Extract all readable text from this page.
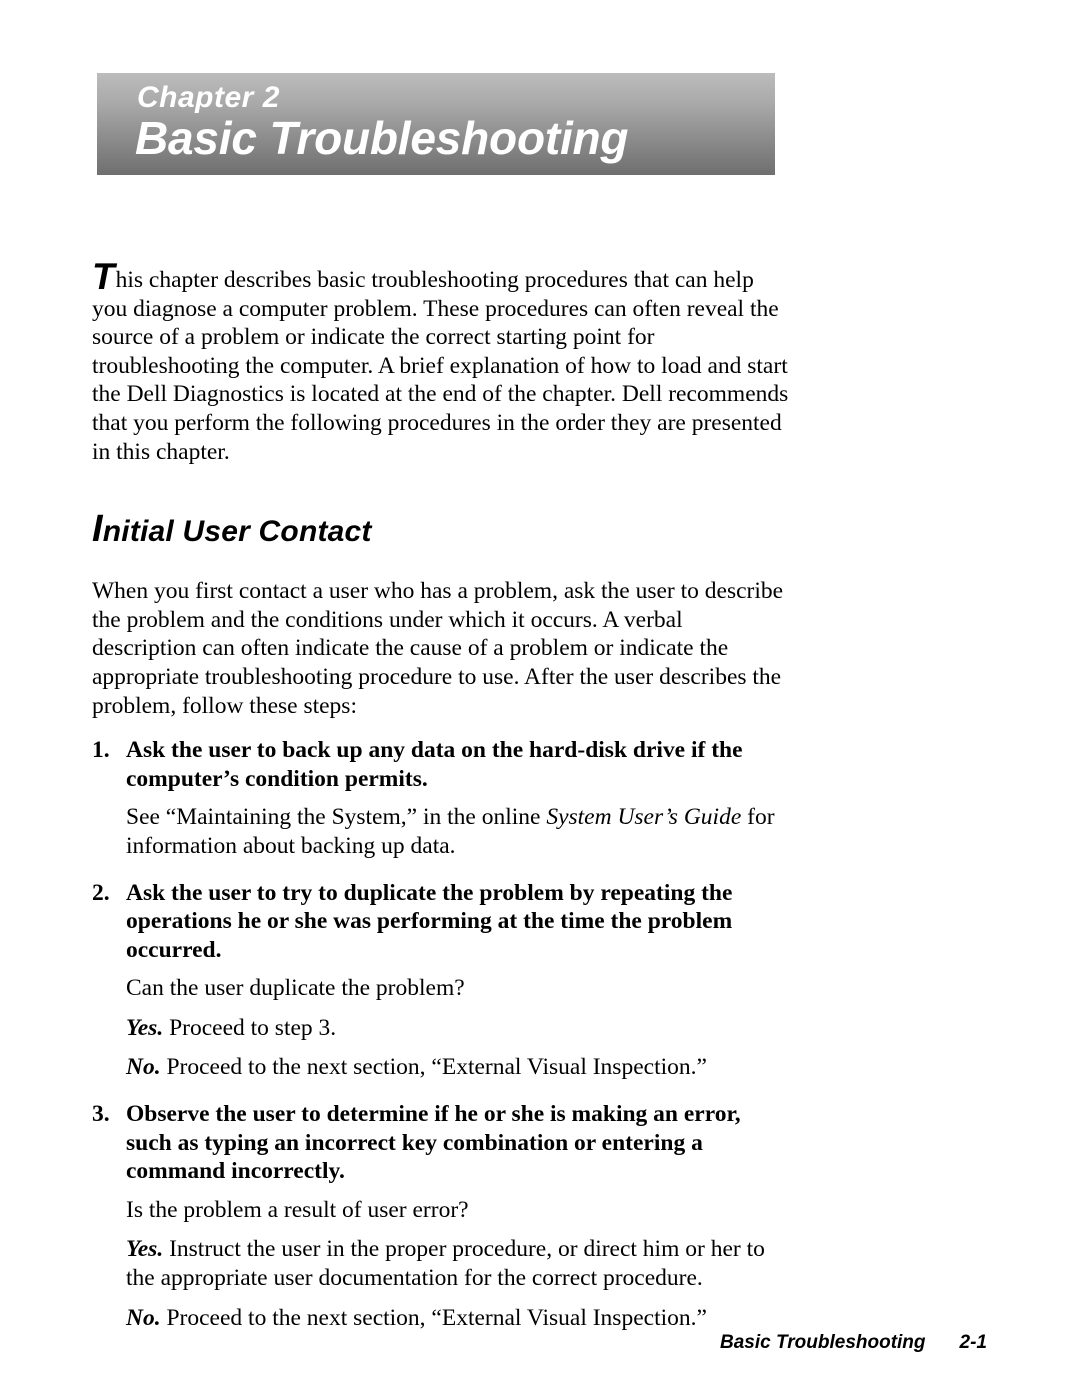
Chapter 2
Basic Troubleshooting

This chapter describes basic troubleshooting procedures that can help you diagnose a computer problem. These procedures can often reveal the source of a problem or indicate the correct starting point for troubleshooting the computer. A brief explanation of how to load and start the Dell Diagnostics is located at the end of the chapter. Dell recommends that you perform the following procedures in the order they are presented in this chapter.

Initial User Contact

When you first contact a user who has a problem, ask the user to describe the problem and the conditions under which it occurs. A verbal description can often indicate the cause of a problem or indicate the appropriate troubleshooting procedure to use. After the user describes the problem, follow these steps:

1. Ask the user to back up any data on the hard-disk drive if the computer’s condition permits.

See “Maintaining the System,” in the online System User’s Guide for information about backing up data.

2. Ask the user to try to duplicate the problem by repeating the operations he or she was performing at the time the problem occurred.

Can the user duplicate the problem?

Yes. Proceed to step 3.

No. Proceed to the next section, “External Visual Inspection.”

3. Observe the user to determine if he or she is making an error, such as typing an incorrect key combination or entering a command incorrectly.

Is the problem a result of user error?

Yes. Instruct the user in the proper procedure, or direct him or her to the appropriate user documentation for the correct procedure.

No. Proceed to the next section, “External Visual Inspection.”

Basic Troubleshooting 2-1
